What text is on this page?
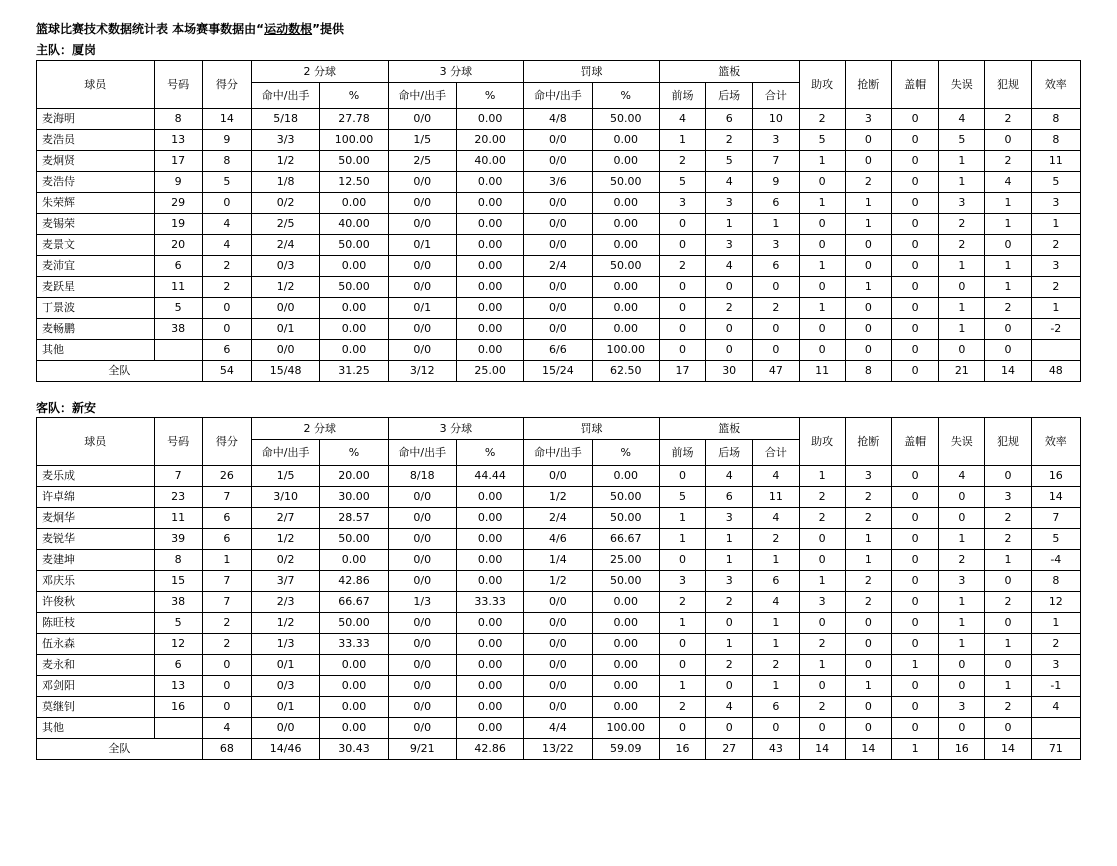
篮球比赛技术数据统计表 本场赛事数据由“运动数根”提供
主队：厦岗
球员	号码	得分	2 分球		3 分球		罚球		篮板			助攻	抢断	盖帽	失误	犯规	效率
			命中/出手	%	命中/出手	%	命中/出手	%	前场	后场	合计						
麦海明	8	14	5/18	27.78	0/0	0.00	4/8	50.00	4	6	10	2	3	0	4	2	8
麦浩员	13	9	3/3	100.00	1/5	20.00	0/0	0.00	1	2	3	5	0	0	5	0	8
麦炯贤	17	8	1/2	50.00	2/5	40.00	0/0	0.00	2	5	7	1	0	0	1	2	11
麦浩侍	9	5	1/8	12.50	0/0	0.00	3/6	50.00	5	4	9	0	2	0	1	4	5
朱荣辉	29	0	0/2	0.00	0/0	0.00	0/0	0.00	3	3	6	1	1	0	3	1	3
麦锡荣	19	4	2/5	40.00	0/0	0.00	0/0	0.00	0	1	1	0	1	0	2	1	1
麦景文	20	4	2/4	50.00	0/1	0.00	0/0	0.00	0	3	3	0	0	0	2	0	2
麦沛宜	6	2	0/3	0.00	0/0	0.00	2/4	50.00	2	4	6	1	0	0	1	1	3
麦跃星	11	2	1/2	50.00	0/0	0.00	0/0	0.00	0	0	0	0	1	0	0	1	2
丁景波	5	0	0/0	0.00	0/1	0.00	0/0	0.00	0	2	2	1	0	0	1	2	1
麦畅鹏	38	0	0/1	0.00	0/0	0.00	0/0	0.00	0	0	0	0	0	0	1	0	-2
其他		6	0/0	0.00	0/0	0.00	6/6	100.00	0	0	0	0	0	0	0	0	
全队		54	15/48	31.25	3/12	25.00	15/24	62.50	17	30	47	11	8	0	21	14	48
客队：新安
球员	号码	得分	2 分球		3 分球		罚球		篮板			助攻	抢断	盖帽	失误	犯规	效率
			命中/出手	%	命中/出手	%	命中/出手	%	前场	后场	合计						
麦乐成	7	26	1/5	20.00	8/18	44.44	0/0	0.00	0	4	4	1	3	0	4	0	16
许卓绵	23	7	3/10	30.00	0/0	0.00	1/2	50.00	5	6	11	2	2	0	0	3	14
麦炯华	11	6	2/7	28.57	0/0	0.00	2/4	50.00	1	3	4	2	2	0	0	2	7
麦锐华	39	6	1/2	50.00	0/0	0.00	4/6	66.67	1	1	2	0	1	0	1	2	5
麦建坤	8	1	0/2	0.00	0/0	0.00	1/4	25.00	0	1	1	0	1	0	2	1	-4
邓庆乐	15	7	3/7	42.86	0/0	0.00	1/2	50.00	3	3	6	1	2	0	3	0	8
许俊秋	38	7	2/3	66.67	1/3	33.33	0/0	0.00	2	2	4	3	2	0	1	2	12
陈旺枝	5	2	1/2	50.00	0/0	0.00	0/0	0.00	1	0	1	0	0	0	1	0	1
伍永森	12	2	1/3	33.33	0/0	0.00	0/0	0.00	0	1	1	2	0	0	1	1	2
麦永和	6	0	0/1	0.00	0/0	0.00	0/0	0.00	0	2	2	1	0	1	0	0	3
邓剑阳	13	0	0/3	0.00	0/0	0.00	0/0	0.00	1	0	1	0	1	0	0	1	-1
莫继钊	16	0	0/1	0.00	0/0	0.00	0/0	0.00	2	4	6	2	0	0	3	2	4
其他		4	0/0	0.00	0/0	0.00	4/4	100.00	0	0	0	0	0	0	0	0	
全队		68	14/46	30.43	9/21	42.86	13/22	59.09	16	27	43	14	14	1	16	14	71
